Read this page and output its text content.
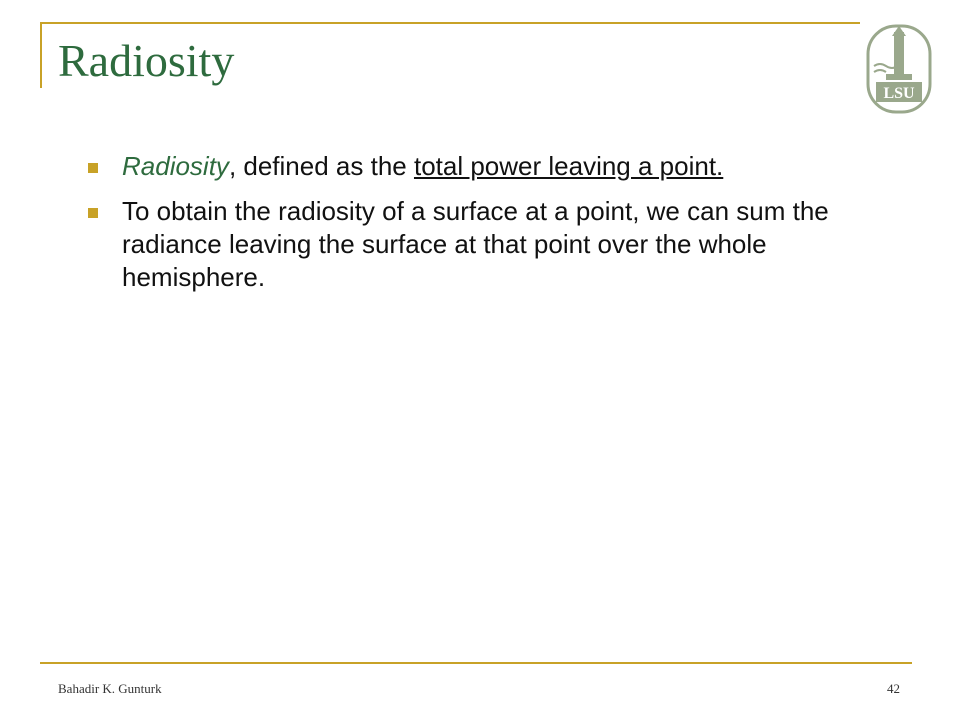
Radiosity
LSU
Radiosity, defined as the total power leaving a point.
To obtain the radiosity of a surface at a point, we can sum the radiance leaving the surface at that point over the whole hemisphere.
Bahadir K. Gunturk	42
